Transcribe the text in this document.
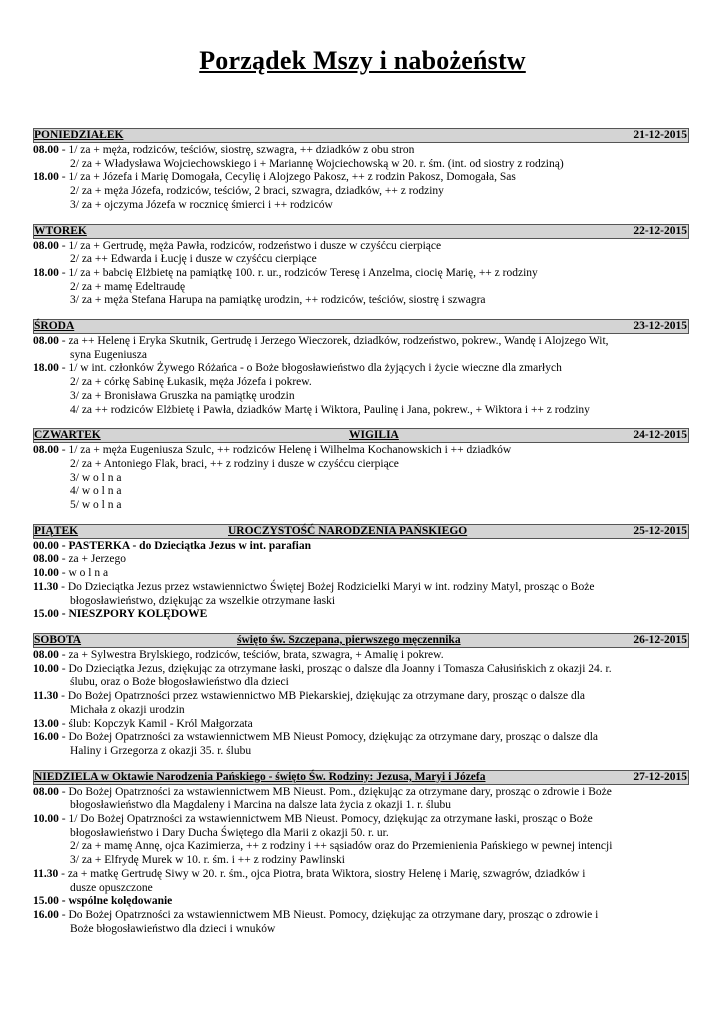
Porządek Mszy i nabożeństw
PONIEDZIAŁEK	21-12-2015
08.00 - 1/ za + męża, rodziców, teściów, siostrę, szwagra, ++ dziadków z obu stron
2/ za + Władysława Wojciechowskiego i + Mariannę Wojciechowską w 20. r. śm. (int. od siostry z rodziną)
18.00 - 1/ za + Józefa i Marię Domogała, Cecylię i Alojzego Pakosz, ++ z rodzin Pakosz, Domogała, Sas
2/ za + męża Józefa, rodziców, teściów, 2 braci, szwagra, dziadków, ++ z rodziny
3/ za + ojczyma Józefa w rocznicę śmierci i ++ rodziców
WTOREK	22-12-2015
08.00 - 1/ za + Gertrudę, męża Pawła, rodziców, rodzeństwo i dusze w czyśćcu cierpiące
2/ za ++ Edwarda i Łucję i dusze w czyśćcu cierpiące
18.00 - 1/ za + babcię Elżbietę na pamiątkę 100. r. ur., rodziców Teresę i Anzelma, ciocię Marię, ++ z rodziny
2/ za + mamę Edeltraudę
3/ za + męża Stefana Harupa na pamiątkę urodzin, ++ rodziców, teściów, siostrę i szwagra
ŚRODA	23-12-2015
08.00 - za ++ Helenę i Eryka Skutnik, Gertrudę i Jerzego Wieczorek, dziadków, rodzeństwo, pokrew., Wandę i Alojzego Wit,
syna Eugeniusza
18.00 - 1/ w int. członków Żywego Różańca - o Boże błogosławieństwo dla żyjących i życie wieczne dla zmarłych
2/ za + córkę Sabinę Łukasik, męża Józefa i pokrew.
3/ za + Bronisława Gruszka na pamiątkę urodzin
4/ za ++ rodziców Elżbietę i Pawła, dziadków Martę i Wiktora, Paulinę i Jana, pokrew., + Wiktora i ++ z rodziny
CZWARTEK	WIGILIA	24-12-2015
08.00 - 1/ za + męża Eugeniusza Szulc, ++ rodziców Helenę i Wilhelma Kochanowskich i ++ dziadków
2/ za + Antoniego Flak, braci, ++ z rodziny i dusze w czyśćcu cierpiące
3/ w o l n a
4/ w o l n a
5/ w o l n a
PIĄTEK	UROCZYSTOŚĆ NARODZENIA PAŃSKIEGO	25-12-2015
00.00 - PASTERKA - do Dzieciątka Jezus w int. parafian
08.00 - za + Jerzego
10.00 - w o l n a
11.30 - Do Dzieciątka Jezus przez wstawiennictwo Świętej Bożej Rodzicielki Maryi w int. rodziny Matyl, prosząc o Boże
błogosławieństwo, dziękując za wszelkie otrzymane łaski
15.00 - NIESZPORY KOLĘDOWE
SOBOTA	święto św. Szczepana, pierwszego męczennika	26-12-2015
08.00 - za + Sylwestra Brylskiego, rodziców, teściów, brata, szwagra, + Amalię i pokrew.
10.00 - Do Dzieciątka Jezus, dziękując za otrzymane łaski, prosząc o dalsze dla Joanny i Tomasza Całusińskich z okazji 24. r.
ślubu, oraz o Boże błogosławieństwo dla dzieci
11.30 - Do Bożej Opatrzności przez wstawiennictwo MB Piekarskiej, dziękując za otrzymane dary, prosząc o dalsze dla
Michała z okazji urodzin
13.00 - ślub: Kopczyk Kamil - Król Małgorzata
16.00 - Do Bożej Opatrzności za wstawiennictwem MB Nieust Pomocy, dziękując za otrzymane dary, prosząc o dalsze dla
Haliny i Grzegorza z okazji 35. r. ślubu
NIEDZIELA w Oktawie Narodzenia Pańskiego - święto Św. Rodziny: Jezusa, Maryi i Józefa	27-12-2015
08.00 - Do Bożej Opatrzności za wstawiennictwem MB Nieust. Pom., dziękując za otrzymane dary, prosząc o zdrowie i Boże
błogosławieństwo dla Magdaleny i Marcina na dalsze lata życia z okazji 1. r. ślubu
10.00 - 1/ Do Bożej Opatrzności za wstawiennictwem MB Nieust. Pomocy, dziękując za otrzymane łaski, prosząc o Boże
błogosławieństwo i Dary Ducha Świętego dla Marii z okazji 50. r. ur.
2/ za + mamę Annę, ojca Kazimierza, ++ z rodziny i ++ sąsiadów oraz do Przemienienia Pańskiego w pewnej intencji
3/ za + Elfrydę Murek w 10. r. śm. i ++ z rodziny Pawlinski
11.30 - za + matkę Gertrudę Siwy w 20. r. śm., ojca Piotra, brata Wiktora, siostry Helenę i Marię, szwagrów, dziadków i
dusze opuszczone
15.00 - wspólne kolędowanie
16.00 - Do Bożej Opatrzności za wstawiennictwem MB Nieust. Pomocy, dziękując za otrzymane dary, prosząc o zdrowie i
Boże błogosławieństwo dla dzieci i wnuków
